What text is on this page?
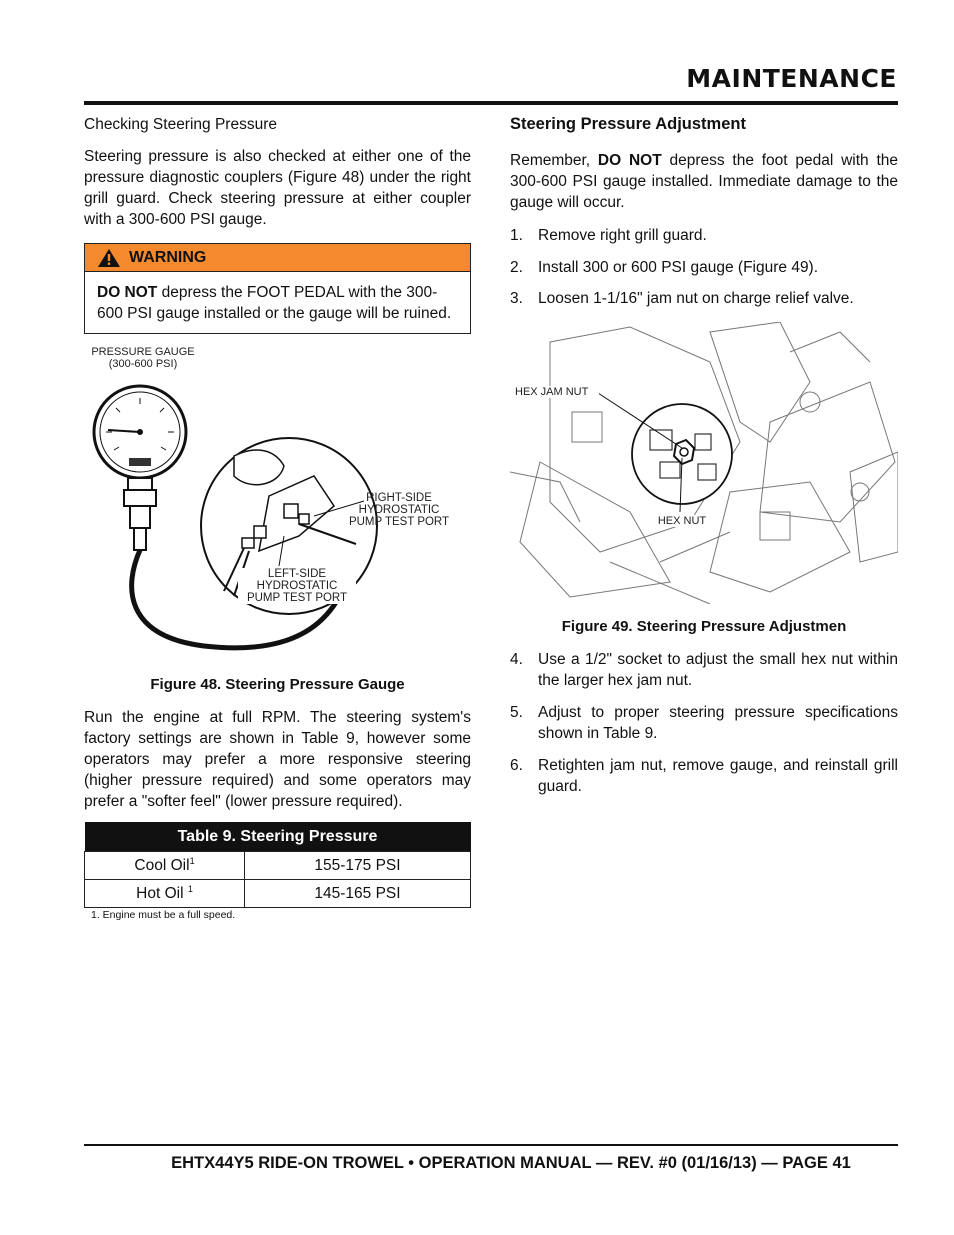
MAINTENANCE
Checking Steering Pressure
Steering pressure is also checked at either one of the pressure diagnostic couplers (Figure 48) under the right grill guard. Check steering pressure at either coupler with a 300-600 PSI gauge.
WARNING
DO NOT depress the FOOT PEDAL with the 300-600 PSI gauge installed or the gauge will be ruined.
PRESSURE GAUGE
(300-600 PSI)
RIGHT-SIDE
HYDROSTATIC
PUMP TEST PORT
LEFT-SIDE
HYDROSTATIC
PUMP TEST PORT
Figure 48. Steering Pressure Gauge
Run the engine at full RPM. The steering system's factory settings are shown in Table 9, however some operators may prefer a more responsive steering (higher pressure required) and some operators may prefer a "softer feel" (lower pressure required).
Table 9. Steering Pressure	
Cool Oil$^1$	155-175 PSI
Hot Oil $^1$	145-165 PSI
1. Engine must be a full speed.
Steering Pressure Adjustment
Remember, DO NOT depress the foot pedal with the 300-600 PSI gauge installed. Immediate damage to the gauge will occur.
1. Remove right grill guard.
2. Install 300 or 600 PSI gauge (Figure 49).
3. Loosen 1-1/16" jam nut on charge relief valve.
HEX JAM NUT
HEX NUT
Figure 49. Steering Pressure Adjustmen
4. Use a 1/2" socket to adjust the small hex nut within the larger hex jam nut.
5. Adjust to proper steering pressure specifications shown in Table 9.
6. Retighten jam nut, remove gauge, and reinstall grill guard.
EHTX44Y5 RIDE-ON TROWEL • OPERATION MANUAL — REV. #0 (01/16/13) — PAGE 41
